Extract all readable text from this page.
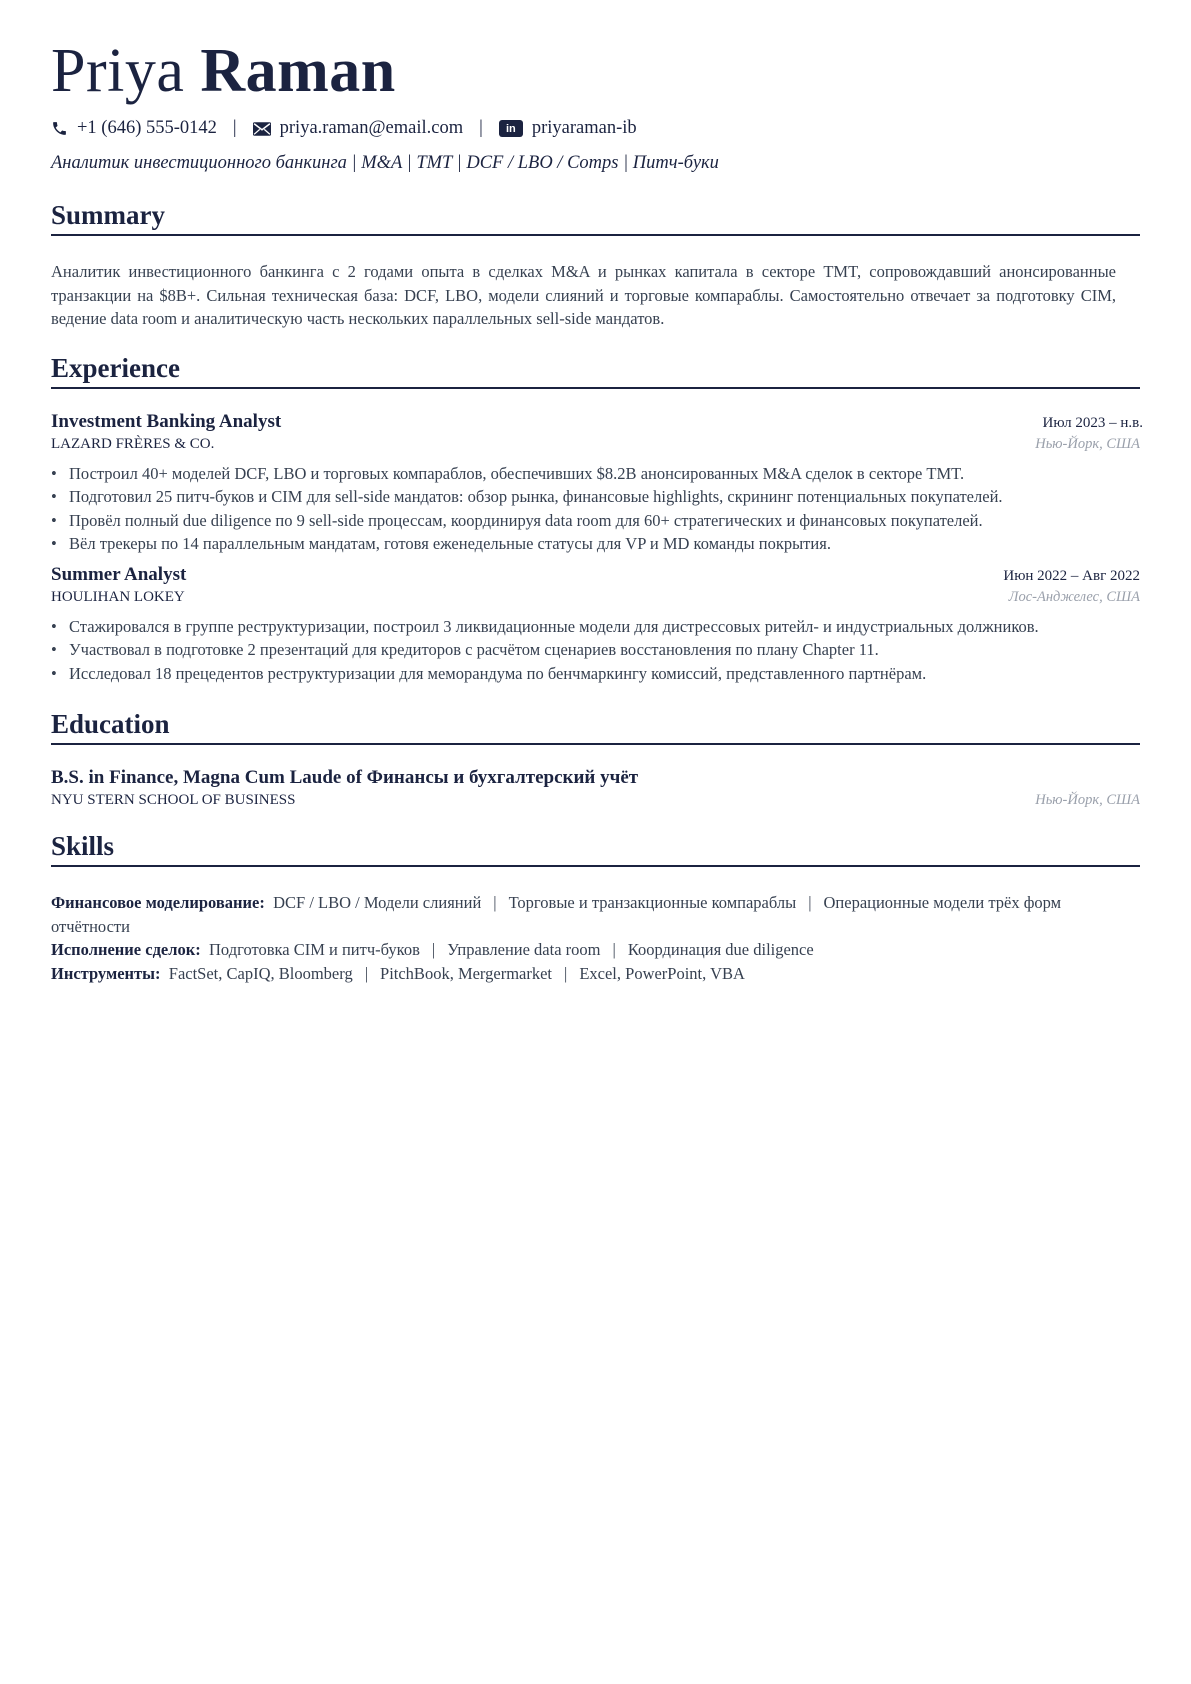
Priya Raman
+1 (646) 555-0142 | priya.raman@email.com |	in priyaraman-ib
Аналитик инвестиционного банкинга | M&A | TMT | DCF / LBO / Comps | Питч-буки
Summary
Аналитик инвестиционного банкинга с 2 годами опыта в сделках M&A и рынках капитала в секторе TMT, сопровождавший анонсированные транзакции на $8B+. Сильная техническая база: DCF, LBO, модели слияний и торговые компараблы. Самостоятельно отвечает за подготовку CIM, ведение data room и аналитическую часть нескольких параллельных sell-side мандатов.
Experience
Investment Banking Analyst	Июл 2023 – н.в.
LAZARD FRÈRES & CO.	Нью-Йорк, США
• Построил 40+ моделей DCF, LBO и торговых компараблов, обеспечивших $8.2B анонсированных M&A сделок в секторе TMT.
• Подготовил 25 питч-буков и CIM для sell-side мандатов: обзор рынка, финансовые highlights, скрининг потенциальных покупателей.
• Провёл полный due diligence по 9 sell-side процессам, координируя data room для 60+ стратегических и финансовых покупателей.
• Вёл трекеры по 14 параллельным мандатам, готовя еженедельные статусы для VP и MD команды покрытия.
Summer Analyst	Июн 2022 – Авг 2022
HOULIHAN LOKEY	Лос-Анджелес, США
• Стажировался в группе реструктуризации, построил 3 ликвидационные модели для дистрессовых ритейл- и индустриальных должников.
• Участвовал в подготовке 2 презентаций для кредиторов с расчётом сценариев восстановления по плану Chapter 11.
• Исследовал 18 прецедентов реструктуризации для меморандума по бенчмаркингу комиссий, представленного партнёрам.
Education
B.S. in Finance, Magna Cum Laude of Финансы и бухгалтерский учёт
NYU STERN SCHOOL OF BUSINESS	Нью-Йорк, США
Skills
Финансовое моделирование: DCF / LBO / Модели слияний | Торговые и транзакционные компараблы | Операционные модели трёх форм отчётности
Исполнение сделок: Подготовка CIM и питч-буков | Управление data room | Координация due diligence
Инструменты: FactSet, CapIQ, Bloomberg | PitchBook, Mergermarket | Excel, PowerPoint, VBA
